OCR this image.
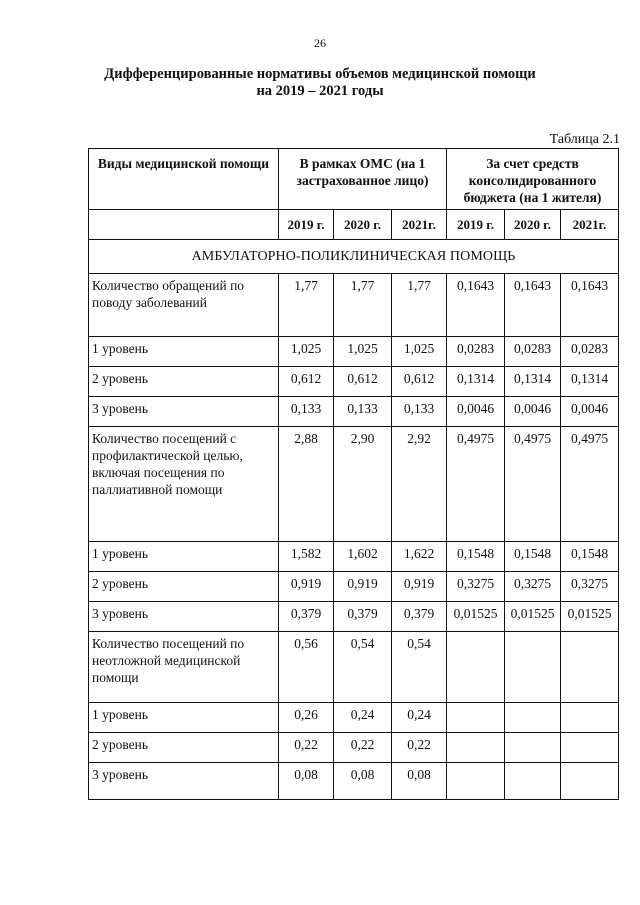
26
Дифференцированные нормативы объемов медицинской помощи
на 2019 – 2021 годы
Таблица 2.1
Виды медицинской помощи	В рамках ОМС (на 1 застрахованное лицо)			За счет средств консолидированного бюджета (на 1 жителя)		
	2019 г.	2020 г.	2021г.	2019 г.	2020 г.	2021г.
АМБУЛАТОРНО-ПОЛИКЛИНИЧЕСКАЯ ПОМОЩЬ						
Количество обращений по поводу заболеваний	1,77	1,77	1,77	0,1643	0,1643	0,1643
1 уровень	1,025	1,025	1,025	0,0283	0,0283	0,0283
2 уровень	0,612	0,612	0,612	0,1314	0,1314	0,1314
3 уровень	0,133	0,133	0,133	0,0046	0,0046	0,0046
Количество посещений с профилактической целью, включая посещения по паллиативной помощи	2,88	2,90	2,92	0,4975	0,4975	0,4975
1 уровень	1,582	1,602	1,622	0,1548	0,1548	0,1548
2 уровень	0,919	0,919	0,919	0,3275	0,3275	0,3275
3 уровень	0,379	0,379	0,379	0,01525	0,01525	0,01525
Количество посещений по неотложной медицинской помощи	0,56	0,54	0,54			
1 уровень	0,26	0,24	0,24			
2 уровень	0,22	0,22	0,22			
3 уровень	0,08	0,08	0,08			
